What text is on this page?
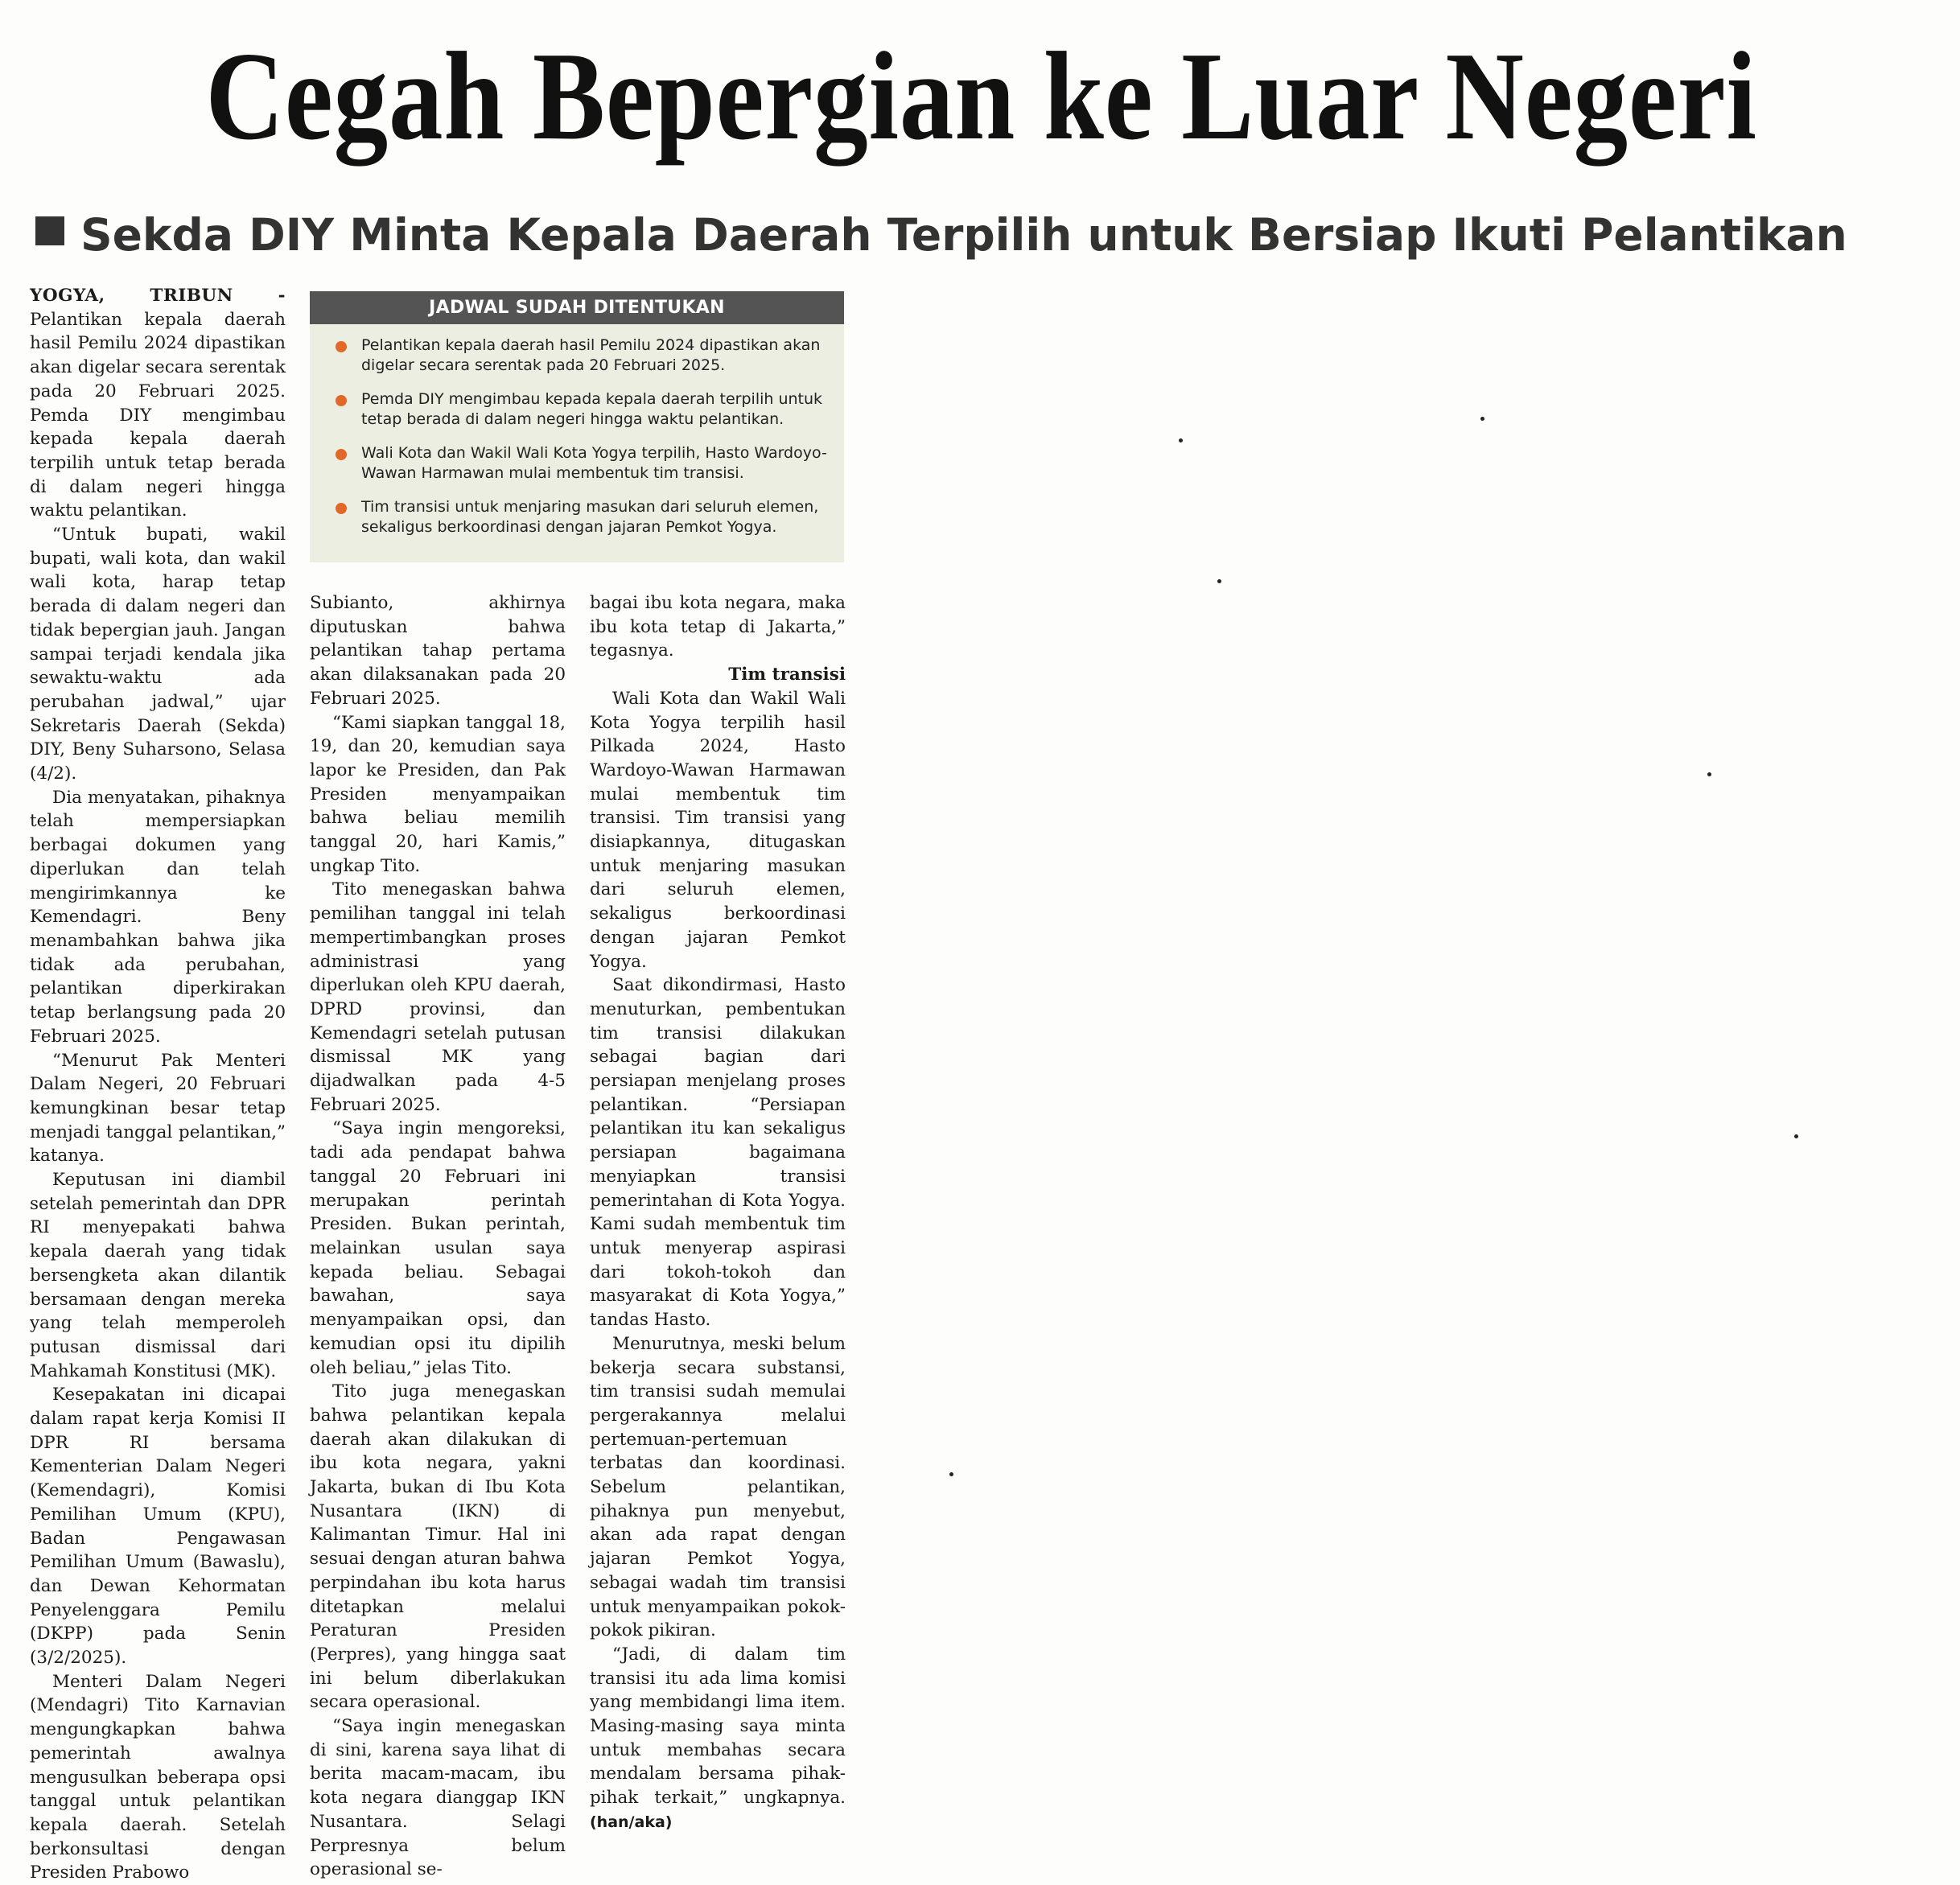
Cegah Bepergian ke Luar Negeri
Sekda DIY Minta Kepala Daerah Terpilih untuk Bersiap Ikuti Pelantikan

YOGYA, TRIBUN - Pelantikan kepala daerah hasil Pemilu 2024 dipastikan akan digelar secara serentak pada 20 Februari 2025. Pemda DIY mengimbau kepada kepala daerah terpilih untuk tetap berada di dalam negeri hingga waktu pelantikan.

“Untuk bupati, wakil bupati, wali kota, dan wakil wali kota, harap tetap berada di dalam negeri dan tidak bepergian jauh. Jangan sampai terjadi kendala jika sewaktu-waktu ada perubahan jadwal,” ujar Sekretaris Daerah (Sekda) DIY, Beny Suharsono, Selasa (4/2).

Dia menyatakan, pihaknya telah mempersiapkan berbagai dokumen yang diperlukan dan telah mengirimkannya ke Kemendagri. Beny menambahkan bahwa jika tidak ada perubahan, pelantikan diperkirakan tetap berlangsung pada 20 Februari 2025.

“Menurut Pak Menteri Dalam Negeri, 20 Februari kemungkinan besar tetap menjadi tanggal pelantikan,” katanya.

Keputusan ini diambil setelah pemerintah dan DPR RI menyepakati bahwa kepala daerah yang tidak bersengketa akan dilantik bersamaan dengan mereka yang telah memperoleh putusan dismissal dari Mahkamah Konstitusi (MK).

Kesepakatan ini dicapai dalam rapat kerja Komisi II DPR RI bersama Kementerian Dalam Negeri (Kemendagri), Komisi Pemilihan Umum (KPU), Badan Pengawasan Pemilihan Umum (Bawaslu), dan Dewan Kehormatan Penyelenggara Pemilu (DKPP) pada Senin (3/2/2025).

Menteri Dalam Negeri (Mendagri) Tito Karnavian mengungkapkan bahwa pemerintah awalnya mengusulkan beberapa opsi tanggal untuk pelantikan kepala daerah. Setelah berkonsultasi dengan Presiden Prabowo

JADWAL SUDAH DITENTUKAN
Pelantikan kepala daerah hasil Pemilu 2024 dipastikan akan digelar secara serentak pada 20 Februari 2025.
Pemda DIY mengimbau kepada kepala daerah terpilih untuk tetap berada di dalam negeri hingga waktu pelantikan.
Wali Kota dan Wakil Wali Kota Yogya terpilih, Hasto Wardoyo-Wawan Harmawan mulai membentuk tim transisi.
Tim transisi untuk menjaring masukan dari seluruh elemen, sekaligus berkoordinasi dengan jajaran Pemkot Yogya.

Subianto, akhirnya diputuskan bahwa pelantikan tahap pertama akan dilaksanakan pada 20 Februari 2025.

“Kami siapkan tanggal 18, 19, dan 20, kemudian saya lapor ke Presiden, dan Pak Presiden menyampaikan bahwa beliau memilih tanggal 20, hari Kamis,” ungkap Tito.

Tito menegaskan bahwa pemilihan tanggal ini telah mempertimbangkan proses administrasi yang diperlukan oleh KPU daerah, DPRD provinsi, dan Kemendagri setelah putusan dismissal MK yang dijadwalkan pada 4-5 Februari 2025.

“Saya ingin mengoreksi, tadi ada pendapat bahwa tanggal 20 Februari ini merupakan perintah Presiden. Bukan perintah, melainkan usulan saya kepada beliau. Sebagai bawahan, saya menyampaikan opsi, dan kemudian opsi itu dipilih oleh beliau,” jelas Tito.

Tito juga menegaskan bahwa pelantikan kepala daerah akan dilakukan di ibu kota negara, yakni Jakarta, bukan di Ibu Kota Nusantara (IKN) di Kalimantan Timur. Hal ini sesuai dengan aturan bahwa perpindahan ibu kota harus ditetapkan melalui Peraturan Presiden (Perpres), yang hingga saat ini belum diberlakukan secara operasional.

“Saya ingin menegaskan di sini, karena saya lihat di berita macam-macam, ibu kota negara dianggap IKN Nusantara. Selagi Perpresnya belum operasional se-

bagai ibu kota negara, maka ibu kota tetap di Jakarta,” tegasnya.

Tim transisi

Wali Kota dan Wakil Wali Kota Yogya terpilih hasil Pilkada 2024, Hasto Wardoyo-Wawan Harmawan mulai membentuk tim transisi. Tim transisi yang disiapkannya, ditugaskan untuk menjaring masukan dari seluruh elemen, sekaligus berkoordinasi dengan jajaran Pemkot Yogya.

Saat dikondirmasi, Hasto menuturkan, pembentukan tim transisi dilakukan sebagai bagian dari persiapan menjelang proses pelantikan. “Persiapan pelantikan itu kan sekaligus persiapan bagaimana menyiapkan transisi pemerintahan di Kota Yogya. Kami sudah membentuk tim untuk menyerap aspirasi dari tokoh-tokoh dan masyarakat di Kota Yogya,” tandas Hasto.

Menurutnya, meski belum bekerja secara substansi, tim transisi sudah memulai pergerakannya melalui pertemuan-pertemuan terbatas dan koordinasi. Sebelum pelantikan, pihaknya pun menyebut, akan ada rapat dengan jajaran Pemkot Yogya, sebagai wadah tim transisi untuk menyampaikan pokok-pokok pikiran.

“Jadi, di dalam tim transisi itu ada lima komisi yang membidangi lima item. Masing-masing saya minta untuk membahas secara mendalam bersama pihak-pihak terkait,” ungkapnya. (han/aka)
